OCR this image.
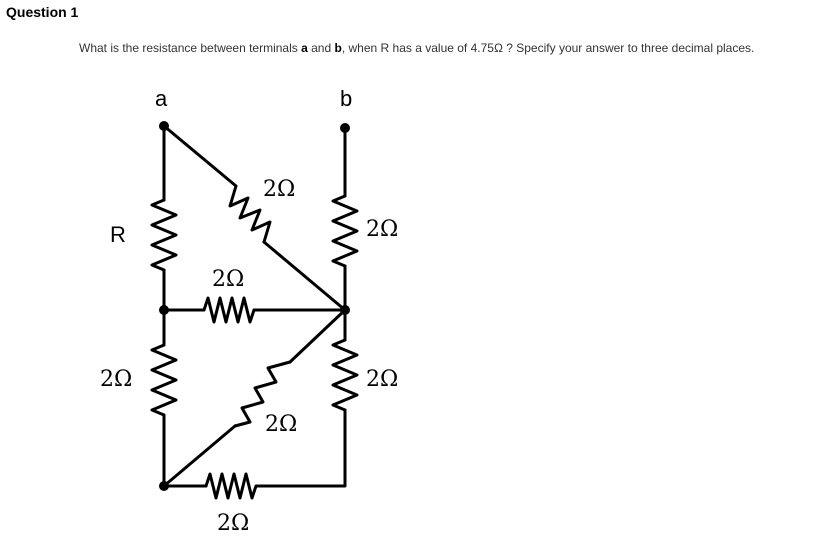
Question 1
What is the resistance between terminals a and b, when R has a value of 4.75Ω ? Specify your answer to three decimal places.
a	b
R
2Ω
2Ω
2Ω
2Ω
2Ω
2Ω
2Ω
